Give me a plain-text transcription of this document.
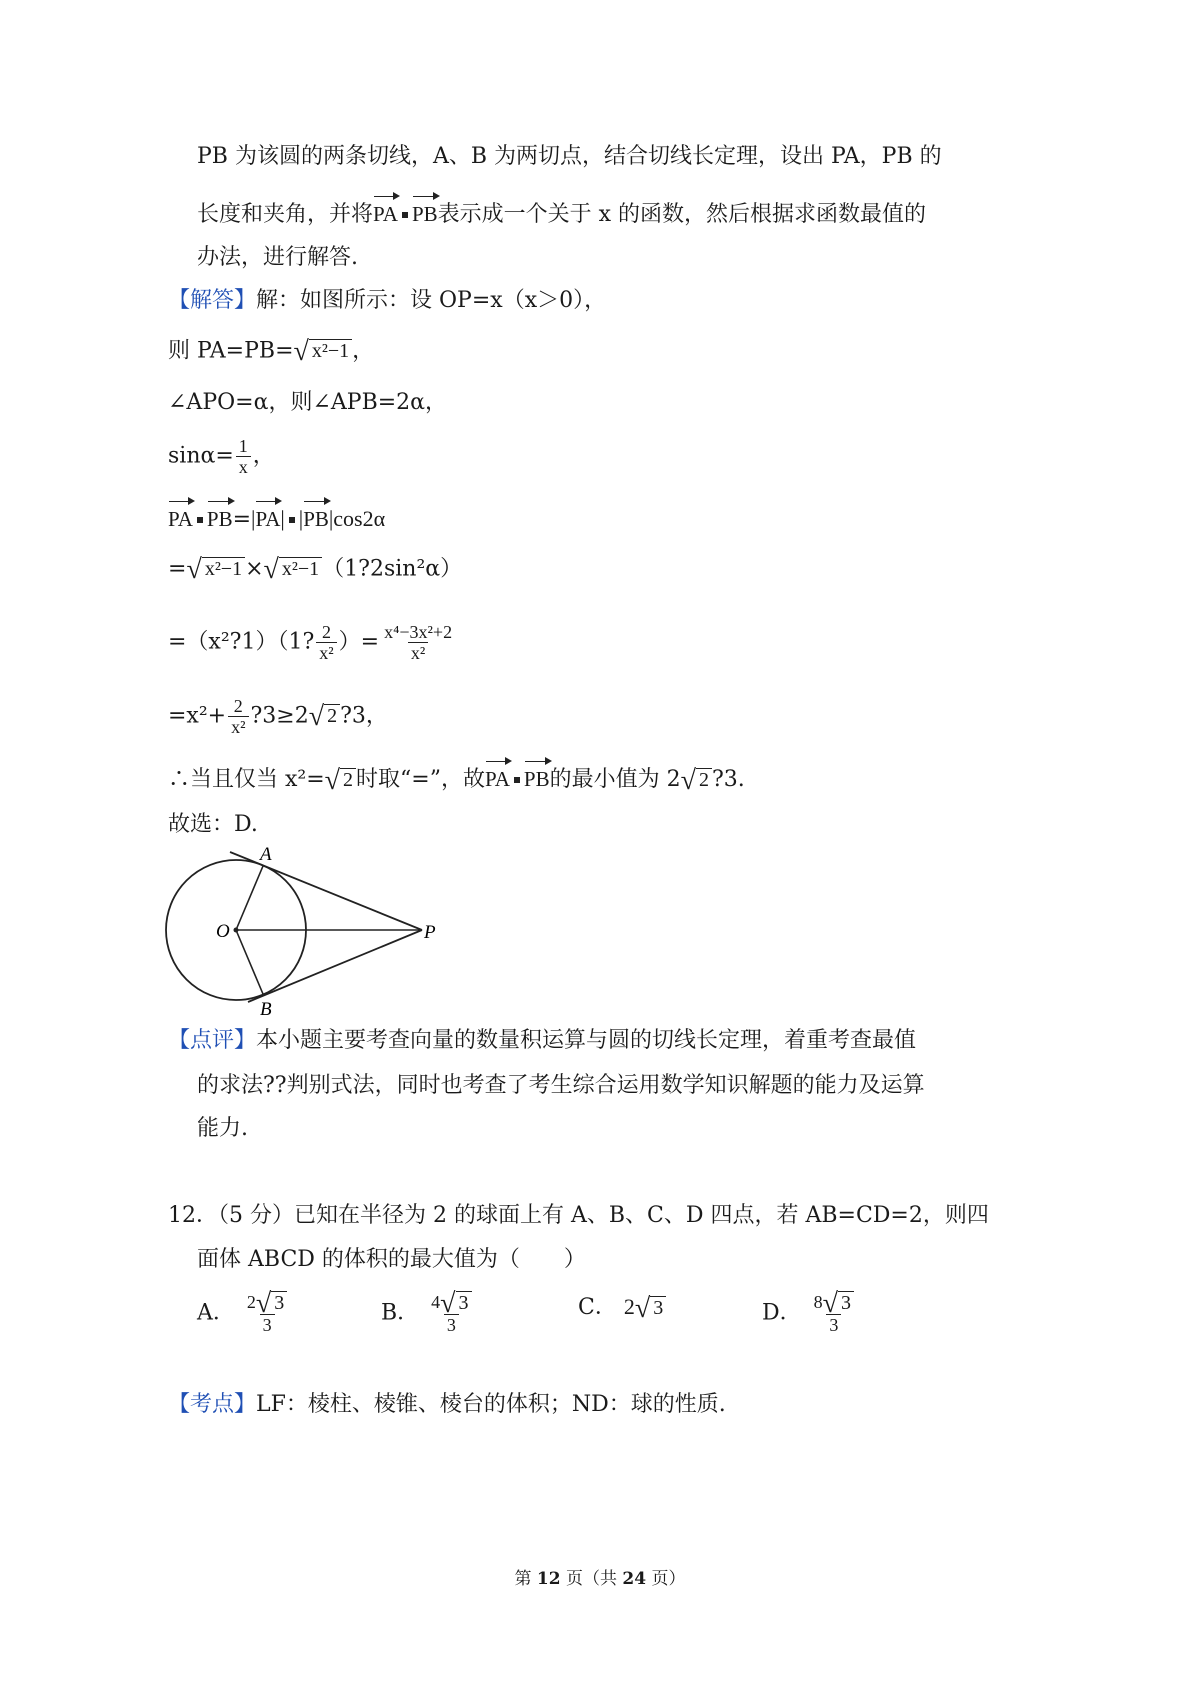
PB 为该圆的两条切线，A、B 为两切点，结合切线长定理，设出 PA，PB 的
长度和夹角，并将PA PB表示成一个关于 x 的函数，然后根据求函数最值的
办法，进行解答.
【解答】解：如图所示：设 OP=x（x＞0），
则 PA=PB=√ x²−1 ，
∠APO=α，则∠APB=2α，
$\sin\alpha= \frac{1}{x}$ ，
PA PB=|PA| |PB|cos2α
=√ x²−1 ×√ x²−1 （1?2sin²α）
=（x²?1）（1? $\frac{2}{\text{x²}}$ ）= $\frac{\text{x⁴−3x²+2}}{\text{x²}}$
$=x^2+ \frac{2}{\text{x²}}$ ?3≥2√ 2 ?3，
∴当且仅当 x²=√ 2 时取“=”，故PA PB的最小值为 2√ 2 ?3.
故选：D.
A
B
O	P
【点评】本小题主要考查向量的数量积运算与圆的切线长定理，着重考查最值
的求法??判别式法，同时也考查了考生综合运用数学知识解题的能力及运算
能力.
12．（5 分）已知在半径为 2 的球面上有 A、B、C、D 四点，若 AB=CD=2，则四
面体 ABCD 的体积的最大值为（　　）
A． $\frac{2√ 3}{3}$	B． $\frac{4√ 3}{3}$	C． 2√ 3	D． $\frac{8√ 3}{3}$
【考点】LF：棱柱、棱锥、棱台的体积；ND：球的性质.
第 12 页（共 24 页）
